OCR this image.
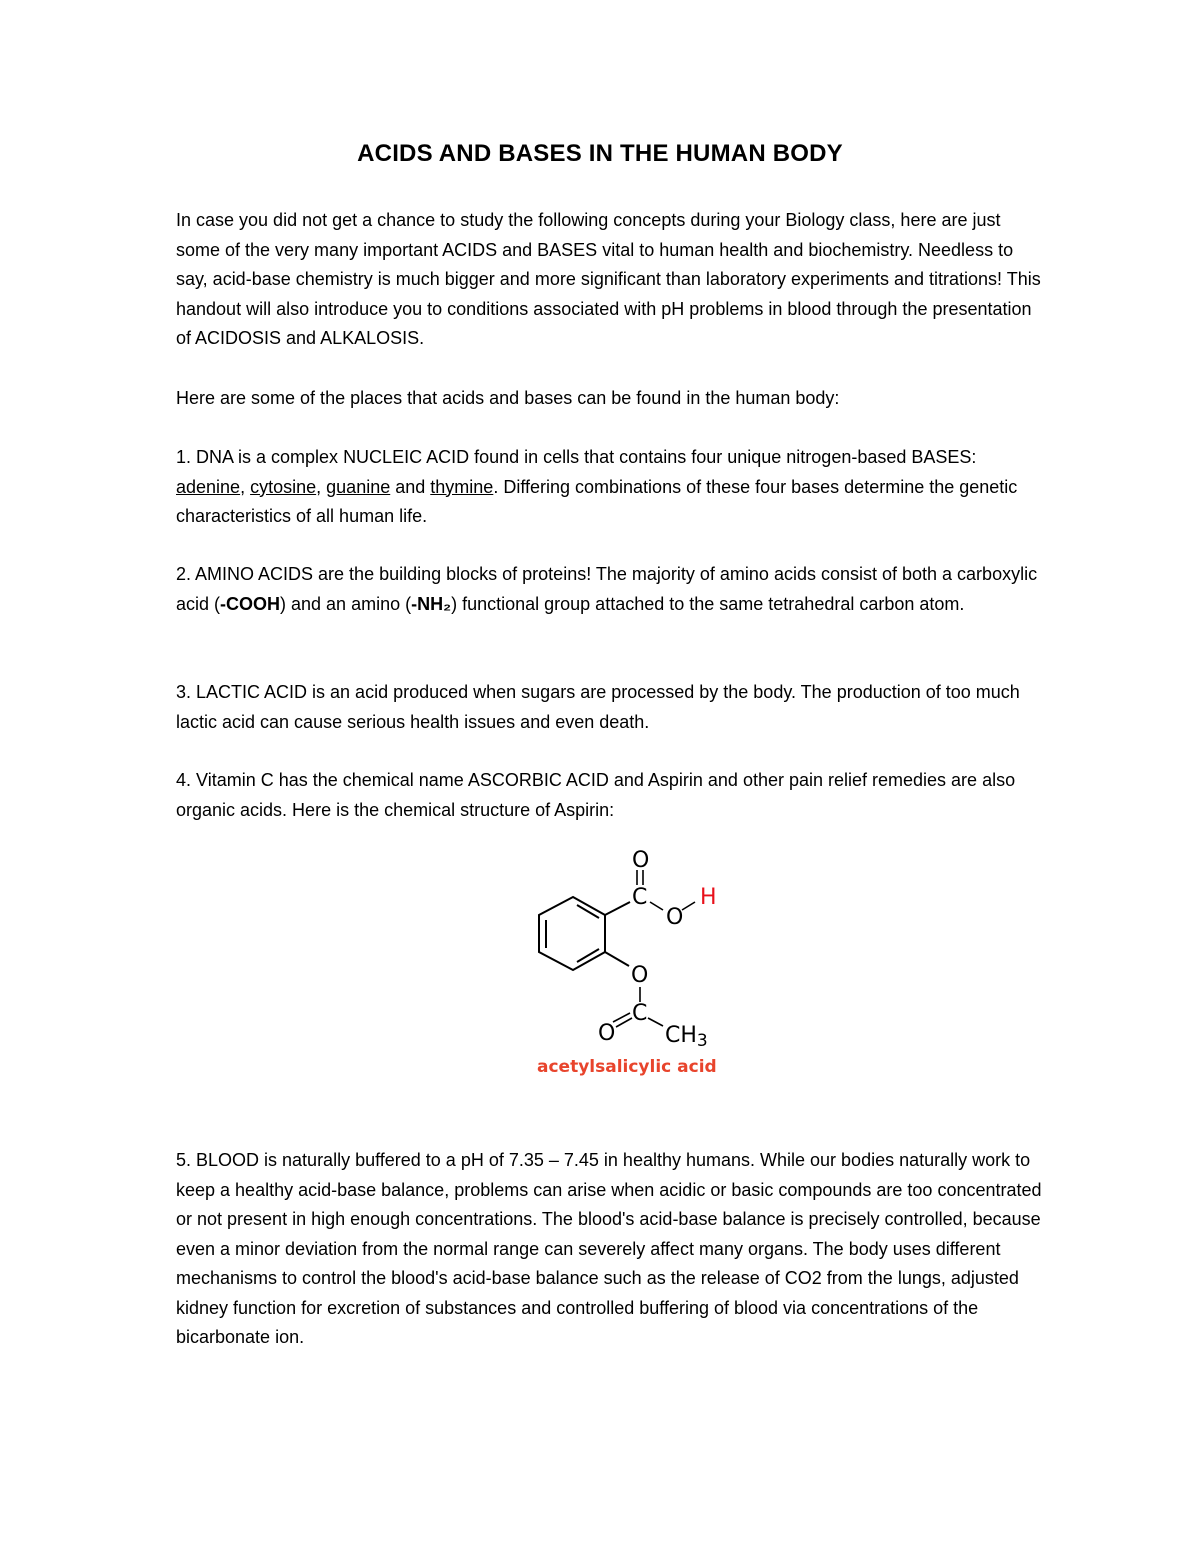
ACIDS AND BASES IN THE HUMAN BODY
In case you did not get a chance to study the following concepts during your Biology class, here are just some of the very many important ACIDS and BASES vital to human health and biochemistry. Needless to say, acid-base chemistry is much bigger and more significant than laboratory experiments and titrations! This handout will also introduce you to conditions associated with pH problems in blood through the presentation of ACIDOSIS and ALKALOSIS.
Here are some of the places that acids and bases can be found in the human body:
1. DNA is a complex NUCLEIC ACID found in cells that contains four unique nitrogen-based BASES: adenine, cytosine, guanine and thymine. Differing combinations of these four bases determine the genetic characteristics of all human life.
2. AMINO ACIDS are the building blocks of proteins! The majority of amino acids consist of both a carboxylic acid (-COOH) and an amino (-NH₂) functional group attached to the same tetrahedral carbon atom.
3. LACTIC ACID is an acid produced when sugars are processed by the body. The production of too much lactic acid can cause serious health issues and even death.
4. Vitamin C has the chemical name ASCORBIC ACID and Aspirin and other pain relief remedies are also organic acids. Here is the chemical structure of Aspirin:
O
C
O
H
O
C
O CH3
acetylsalicylic acid
5. BLOOD is naturally buffered to a pH of 7.35 – 7.45 in healthy humans. While our bodies naturally work to keep a healthy acid-base balance, problems can arise when acidic or basic compounds are too concentrated or not present in high enough concentrations. The blood's acid-base balance is precisely controlled, because even a minor deviation from the normal range can severely affect many organs. The body uses different mechanisms to control the blood's acid-base balance such as the release of CO2 from the lungs, adjusted kidney function for excretion of substances and controlled buffering of blood via concentrations of the bicarbonate ion.
